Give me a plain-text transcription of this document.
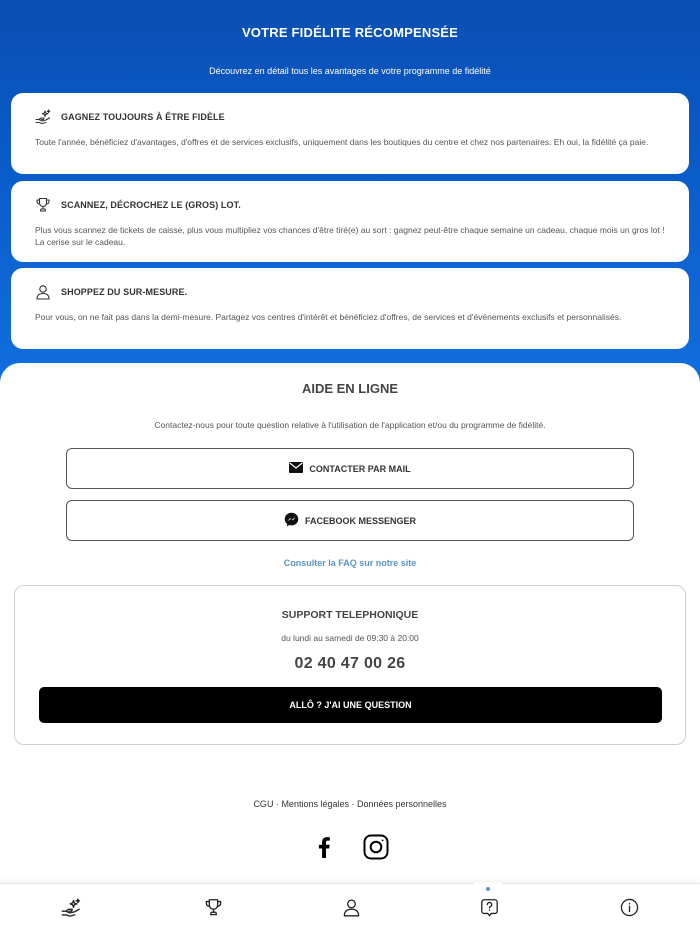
VOTRE FIDÉLITE RÉCOMPENSÉE
Découvrez en détail tous les avantages de votre programme de fidélité
GAGNEZ TOUJOURS À ÊTRE FIDÈLE
Toute l'année, bénéficiez d'avantages, d'offres et de services exclusifs, uniquement dans les boutiques du centre et chez nos partenaires. Eh oui, la fidélité ça paie.
SCANNEZ, DÉCROCHEZ LE (GROS) LOT.
Plus vous scannez de tickets de caisse, plus vous multipliez vos chances d'être tiré(e) au sort : gagnez peut-être chaque semaine un cadeau, chaque mois un gros lot ! La cerise sur le cadeau.
SHOPPEZ DU SUR-MESURE.
Pour vous, on ne fait pas dans la demi-mesure. Partagez vos centres d'intérêt et bénéficiez d'offres, de services et d'événements exclusifs et personnalisés.
AIDE EN LIGNE
Contactez-nous pour toute question relative à l'utilisation de l'application et/ou du programme de fidélité.
CONTACTER PAR MAIL
FACEBOOK MESSENGER
Consulter la FAQ sur notre site
SUPPORT TELEPHONIQUE
du lundi au samedi de 09:30 à 20:00
02 40 47 00 26
ALLÔ ? J'AI UNE QUESTION
CGU · Mentions légales · Données personnelles
